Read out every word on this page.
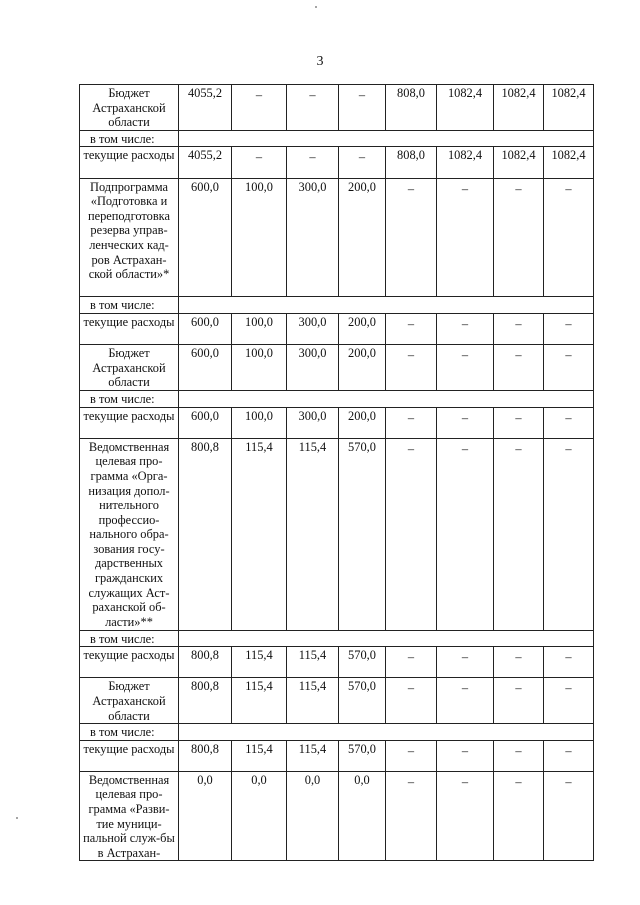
3
Бюджет Астраханской области	4055,2	–	–	–	808,0	1082,4	1082,4	1082,4
в том числе:								
текущие расходы	4055,2	–	–	–	808,0	1082,4	1082,4	1082,4
Подпрограмма «Подготовка и переподготовка резерва управ-ленческих кад-ров Астрахан-ской области»*	600,0	100,0	300,0	200,0	–	–	–	–
в том числе:								
текущие расходы	600,0	100,0	300,0	200,0	–	–	–	–
Бюджет Астраханской области	600,0	100,0	300,0	200,0	–	–	–	–
в том числе:								
текущие расходы	600,0	100,0	300,0	200,0	–	–	–	–
Ведомственная целевая про-грамма «Орга-низация допол-нительного профессио-нального обра-зования госу-дарственных гражданских служащих Аст-раханской об-ласти»**	800,8	115,4	115,4	570,0	–	–	–	–
в том числе:								
текущие расходы	800,8	115,4	115,4	570,0	–	–	–	–
Бюджет Астраханской области	800,8	115,4	115,4	570,0	–	–	–	–
в том числе:								
текущие расходы	800,8	115,4	115,4	570,0	–	–	–	–
Ведомственная целевая про-грамма «Разви-тие муници-пальной служ-бы в Астрахан-	0,0	0,0	0,0	0,0	–	–	–	–
